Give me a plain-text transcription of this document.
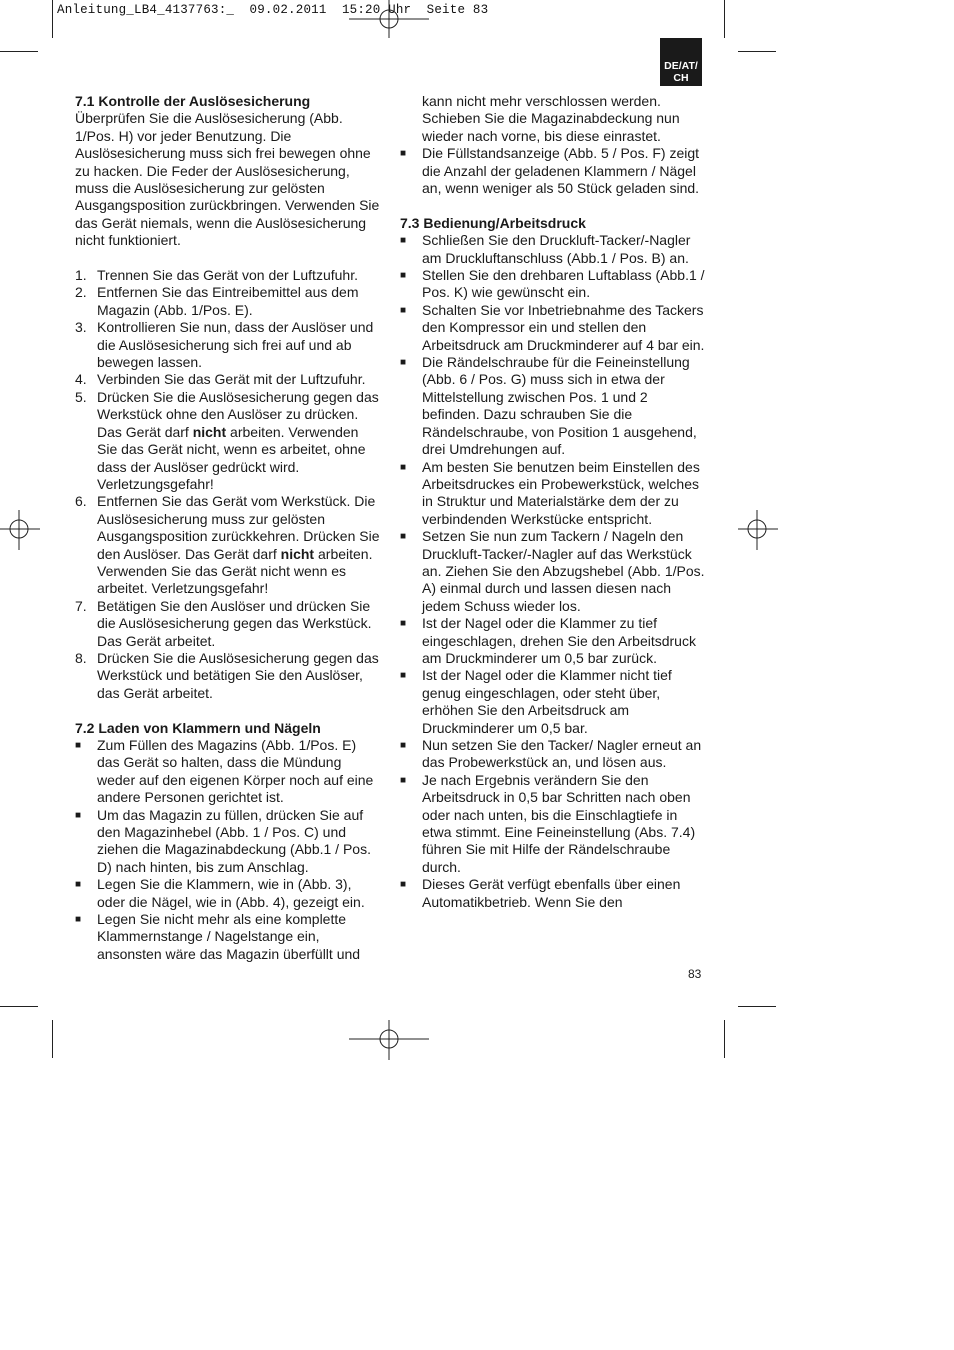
Anleitung_LB4_4137763:_  09.02.2011  15:20 Uhr  Seite 83
DE/AT/
CH

7.1 Kontrolle der Auslösesicherung

Überprüfen Sie die Auslösesicherung (Abb. 1/Pos. H) vor jeder Benutzung. Die Auslösesicherung muss sich frei bewegen ohne zu hacken. Die Feder der Auslösesicherung, muss die Auslösesicherung zur gelösten Ausgangsposition zurückbringen. Verwenden Sie das Gerät niemals, wenn die Auslösesicherung nicht funktioniert.

1. Trennen Sie das Gerät von der Luftzufuhr.
2. Entfernen Sie das Eintreibemittel aus dem Magazin (Abb. 1/Pos. E).
3. Kontrollieren Sie nun, dass der Auslöser und die Auslösesicherung sich frei auf und ab bewegen lassen.
4. Verbinden Sie das Gerät mit der Luftzufuhr.
5. Drücken Sie die Auslösesicherung gegen das Werkstück ohne den Auslöser zu drücken. Das Gerät darf nicht arbeiten. Verwenden Sie das Gerät nicht, wenn es arbeitet, ohne dass der Auslöser gedrückt wird. Verletzungsgefahr!
6. Entfernen Sie das Gerät vom Werkstück. Die Auslösesicherung muss zur gelösten Ausgangsposition zurückkehren. Drücken Sie den Auslöser. Das Gerät darf nicht arbeiten. Verwenden Sie das Gerät nicht wenn es arbeitet. Verletzungsgefahr!
7. Betätigen Sie den Auslöser und drücken Sie die Auslösesicherung gegen das Werkstück. Das Gerät arbeitet.
8. Drücken Sie die Auslösesicherung gegen das Werkstück und betätigen Sie den Auslöser, das Gerät arbeitet.

7.2 Laden von Klammern und Nägeln

■	Zum Füllen des Magazins (Abb. 1/Pos. E) das Gerät so halten, dass die Mündung weder auf den eigenen Körper noch auf eine andere Personen gerichtet ist.
■	Um das Magazin zu füllen, drücken Sie auf den Magazinhebel (Abb. 1 / Pos. C) und ziehen die Magazinabdeckung (Abb.1 / Pos. D) nach hinten, bis zum Anschlag.
■	Legen Sie die Klammern, wie in (Abb. 3), oder die Nägel, wie in (Abb. 4), gezeigt ein.
■	Legen Sie nicht mehr als eine komplette Klammernstange / Nagelstange ein, ansonsten wäre das Magazin überfüllt und

kann nicht mehr verschlossen werden. Schieben Sie die Magazinabdeckung nun wieder nach vorne, bis diese einrastet.

■	Die Füllstandsanzeige (Abb. 5 / Pos. F) zeigt die Anzahl der geladenen Klammern / Nägel an, wenn weniger als 50 Stück geladen sind.

7.3 Bedienung/Arbeitsdruck

■	Schließen Sie den Druckluft-Tacker/-Nagler am Druckluftanschluss (Abb.1 / Pos. B) an.
■	Stellen Sie den drehbaren Luftablass (Abb.1 / Pos. K) wie gewünscht ein.
■	Schalten Sie vor Inbetriebnahme des Tackers den Kompressor ein und stellen den Arbeitsdruck am Druckminderer auf 4 bar ein.
■	Die Rändelschraube für die Feineinstellung (Abb. 6 / Pos. G) muss sich in etwa der Mittelstellung zwischen Pos. 1 und 2 befinden. Dazu schrauben Sie die Rändelschraube, von Position 1 ausgehend, drei Umdrehungen auf.
■	Am besten Sie benutzen beim Einstellen des Arbeitsdruckes ein Probewerkstück, welches in Struktur und Materialstärke dem der zu verbindenden Werkstücke entspricht.
■	Setzen Sie nun zum Tackern / Nageln den Druckluft-Tacker/-Nagler auf das Werkstück an. Ziehen Sie den Abzugshebel (Abb. 1/Pos. A) einmal durch und lassen diesen nach jedem Schuss wieder los.
■	Ist der Nagel oder die Klammer zu tief eingeschlagen, drehen Sie den Arbeitsdruck am Druckminderer um 0,5 bar zurück.
■	Ist der Nagel oder die Klammer nicht tief genug eingeschlagen, oder steht über, erhöhen Sie den Arbeitsdruck am Druckminderer um 0,5 bar.
■	Nun setzen Sie den Tacker/ Nagler erneut an das Probewerkstück an, und lösen aus.
■	Je nach Ergebnis verändern Sie den Arbeitsdruck in 0,5 bar Schritten nach oben oder nach unten, bis die Einschlagtiefe in etwa stimmt. Eine Feineinstellung (Abs. 7.4) führen Sie mit Hilfe der Rändelschraube durch.
■	Dieses Gerät verfügt ebenfalls über einen Automatikbetrieb. Wenn Sie den
83
